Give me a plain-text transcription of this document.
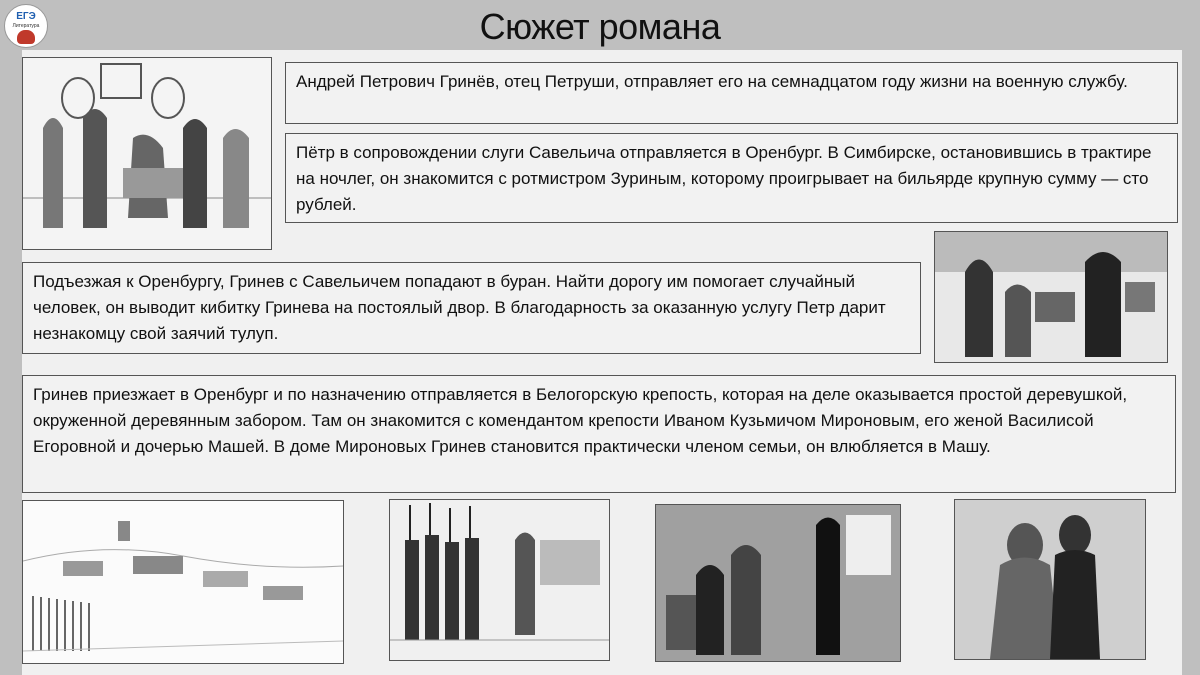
Сюжет романа
ЕГЭ
Литература
Андрей Петрович Гринёв, отец Петруши, отправляет его на семнадцатом году жизни на военную службу.
Пётр в сопровождении слуги Савельича отправляется в Оренбург. В Симбирске, остановившись в трактире на ночлег, он знакомится с ротмистром Зуриным, которому проигрывает на бильярде крупную сумму — сто рублей.
Подъезжая к Оренбургу, Гринев с Савельичем попадают в буран. Найти дорогу им помогает случайный человек, он выводит кибитку Гринева на постоялый двор. В благодарность за оказанную услугу Петр дарит незнакомцу свой заячий тулуп.
Гринев приезжает в Оренбург и по назначению отправляется в Белогорскую крепость, которая на деле оказывается простой деревушкой, окруженной деревянным забором. Там он знакомится с комендантом крепости Иваном Кузьмичом Мироновым, его женой Василисой Егоровной и дочерью Машей. В доме Мироновых Гринев становится практически членом семьи, он влюбляется в Машу.
